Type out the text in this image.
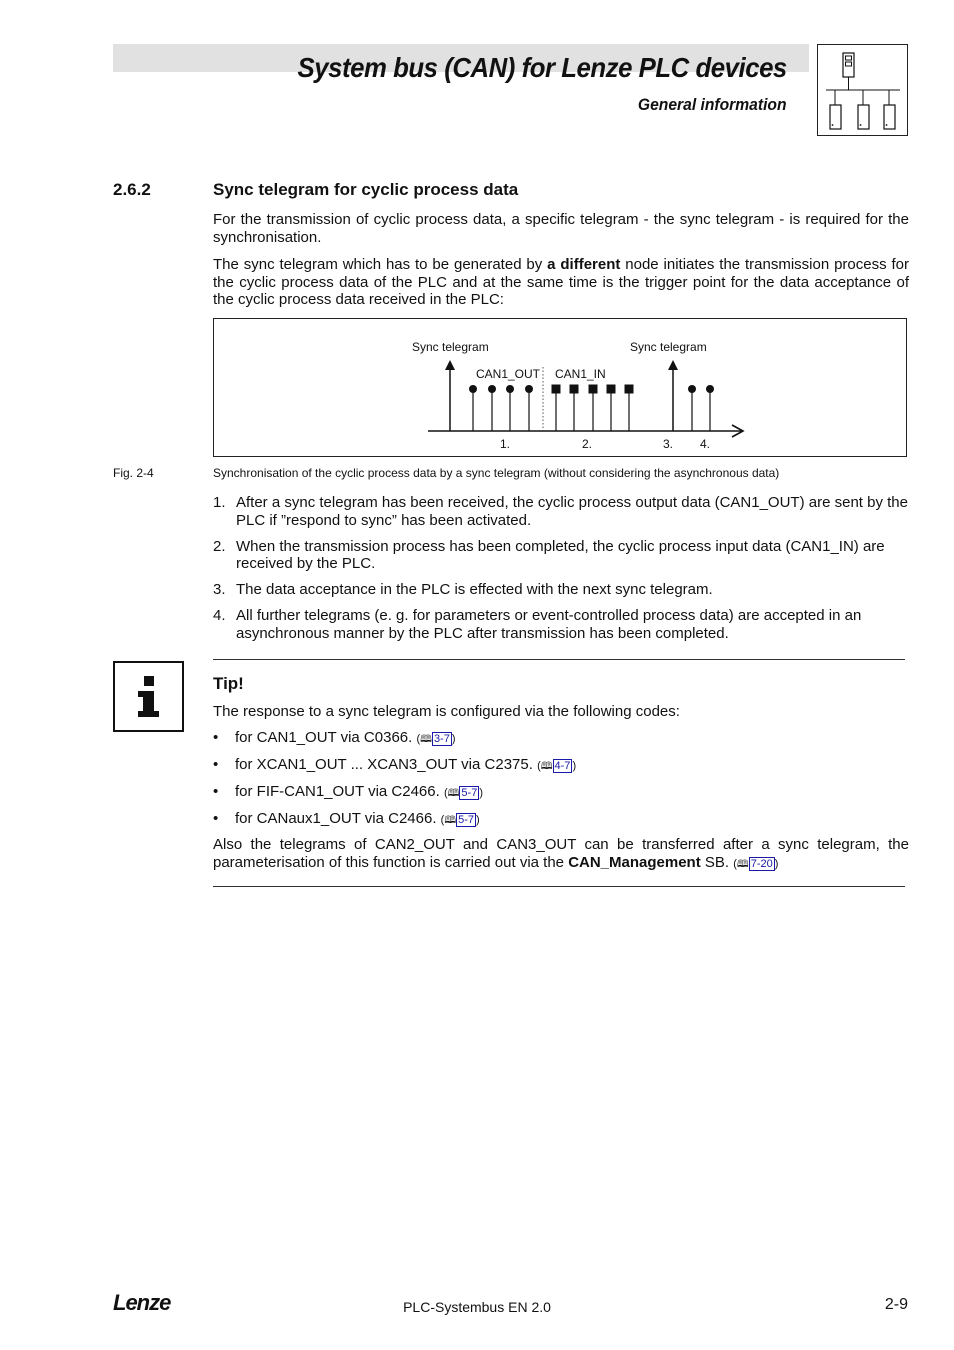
System bus (CAN) for Lenze PLC devices
General information
2.6.2	Sync telegram for cyclic process data
For the transmission of cyclic process data, a specific telegram - the sync telegram - is required for the synchronisation.
The sync telegram which has to be generated by a different node initiates the transmission process for the cyclic process data of the PLC and at the same time is the trigger point for the data acceptance of the cyclic process data received in the PLC:
Sync telegram	Sync telegram
CAN1_OUT CAN1_IN
1.	2.	3. 4.
Fig. 2-4	Synchronisation of the cyclic process data by a sync telegram (without considering the asynchronous data)
1. After a sync telegram has been received, the cyclic process output data (CAN1_OUT) are sent by the PLC if ”respond to sync” has been activated.
2. When the transmission process has been completed, the cyclic process input data (CAN1_IN) are received by the PLC.
3. The data acceptance in the PLC is effected with the next sync telegram.
4. All further telegrams (e. g. for parameters or event-controlled process data) are accepted in an asynchronous manner by the PLC after transmission has been completed.
Tip!
The response to a sync telegram is configured via the following codes:
• for CAN1_OUT via C0366. (🕮 3-7 )
• for XCAN1_OUT ... XCAN3_OUT via C2375. (🕮 4-7 )
• for FIF-CAN1_OUT via C2466. (🕮 5-7 )
• for CANaux1_OUT via C2466. (🕮 5-7 )
Also the telegrams of CAN2_OUT and CAN3_OUT can be transferred after a sync telegram, the parameterisation of this function is carried out via the CAN_Management SB. (🕮 7-20 )
Lenze	PLC-Systembus EN 2.0	2-9
